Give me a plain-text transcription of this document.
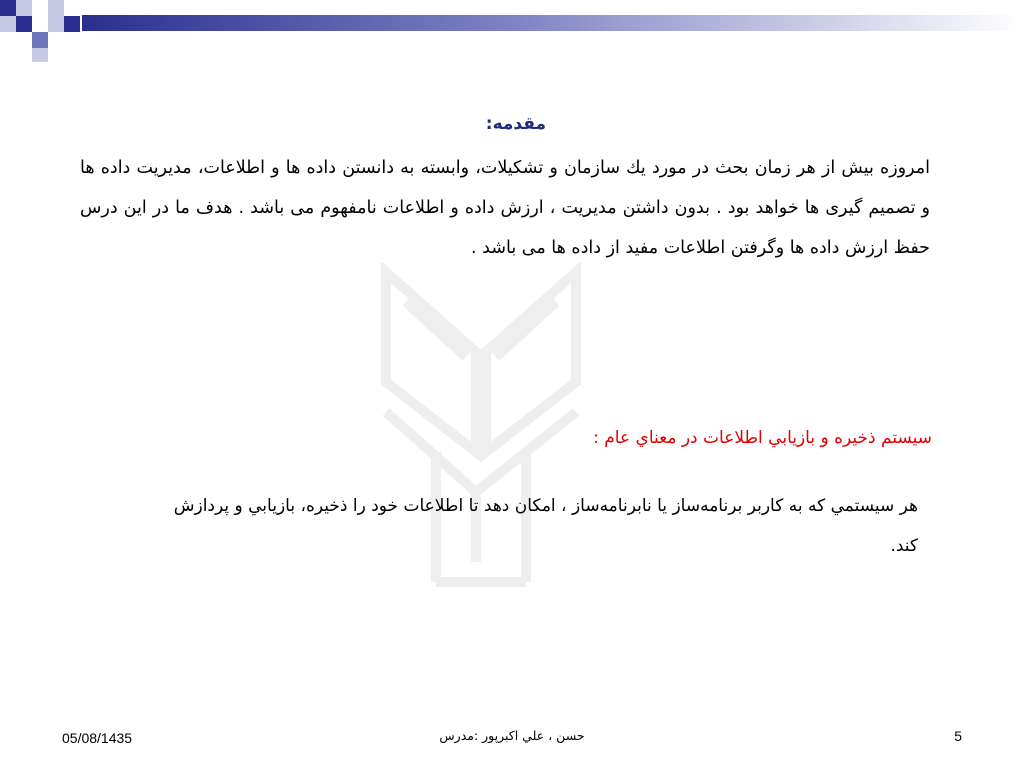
مقدمه:
امروزه بيش از هر زمان بحث در مورد يك سازمان و تشكيلات، وابسته به دانستن داده ها و اطلاعات، مديريت داده ها و تصميم گيری ها خواهد بود . بدون داشتن مديريت ، ارزش داده و اطلاعات نامفهوم می باشد . هدف ما در اين درس حفظ ارزش داده ها وگرفتن اطلاعات مفيد از داده ها می باشد .
سيستم ذخيره و بازيابي اطلاعات در معناي عام :
هر سيستمي كه به كاربر برنامه‌ساز يا نابرنامه‌ساز ، امكان دهد تا اطلاعات خود را ذخيره، بازيابي و پردازش كند.
05/08/1435	حسن ، علي اكبرپور :مدرس	5
